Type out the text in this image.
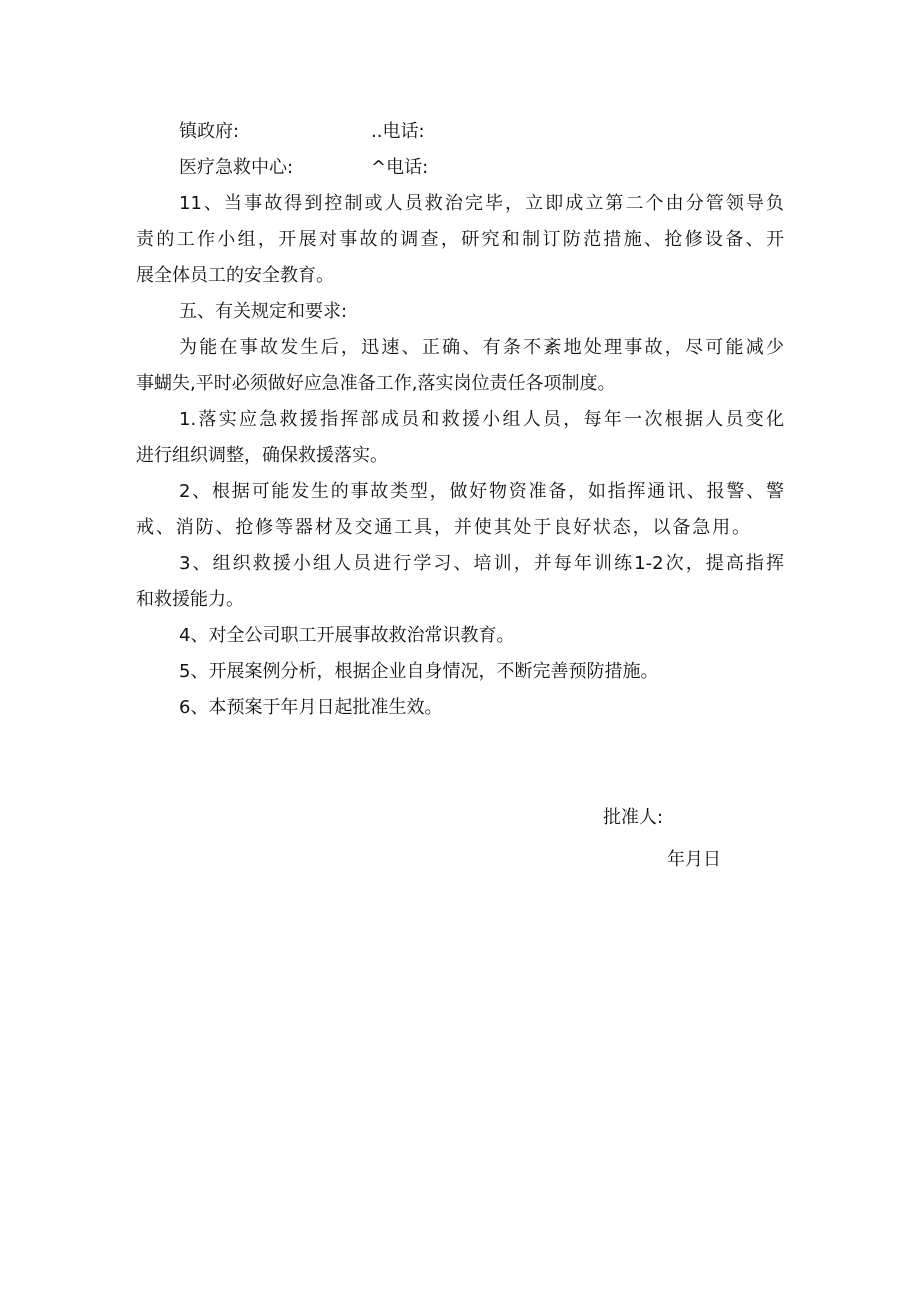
镇政府:	..电话:
医疗急救中心:	^电话:
11、当事故得到控制或人员救治完毕，立即成立第二个由分管领导负
责的工作小组，开展对事故的调查，研究和制订防范措施、抢修设备、开
展全体员工的安全教育。
五、有关规定和要求:
为能在事故发生后，迅速、正确、有条不紊地处理事故，尽可能减少
事蝴失,平时必须做好应急准备工作,落实岗位责任各项制度。
1.落实应急救援指挥部成员和救援小组人员，每年一次根据人员变化
进行组织调整，确保救援落实。
2、根据可能发生的事故类型，做好物资准备，如指挥通讯、报警、警
戒、消防、抢修等器材及交通工具，并使其处于良好状态，以备急用。
3、组织救援小组人员进行学习、培训，并每年训练1-2次，提高指挥
和救援能力。
4、对全公司职工开展事故救治常识教育。
5、开展案例分析，根据企业自身情况，不断完善预防措施。
6、本预案于年月日起批准生效。
批准人:
年月日
